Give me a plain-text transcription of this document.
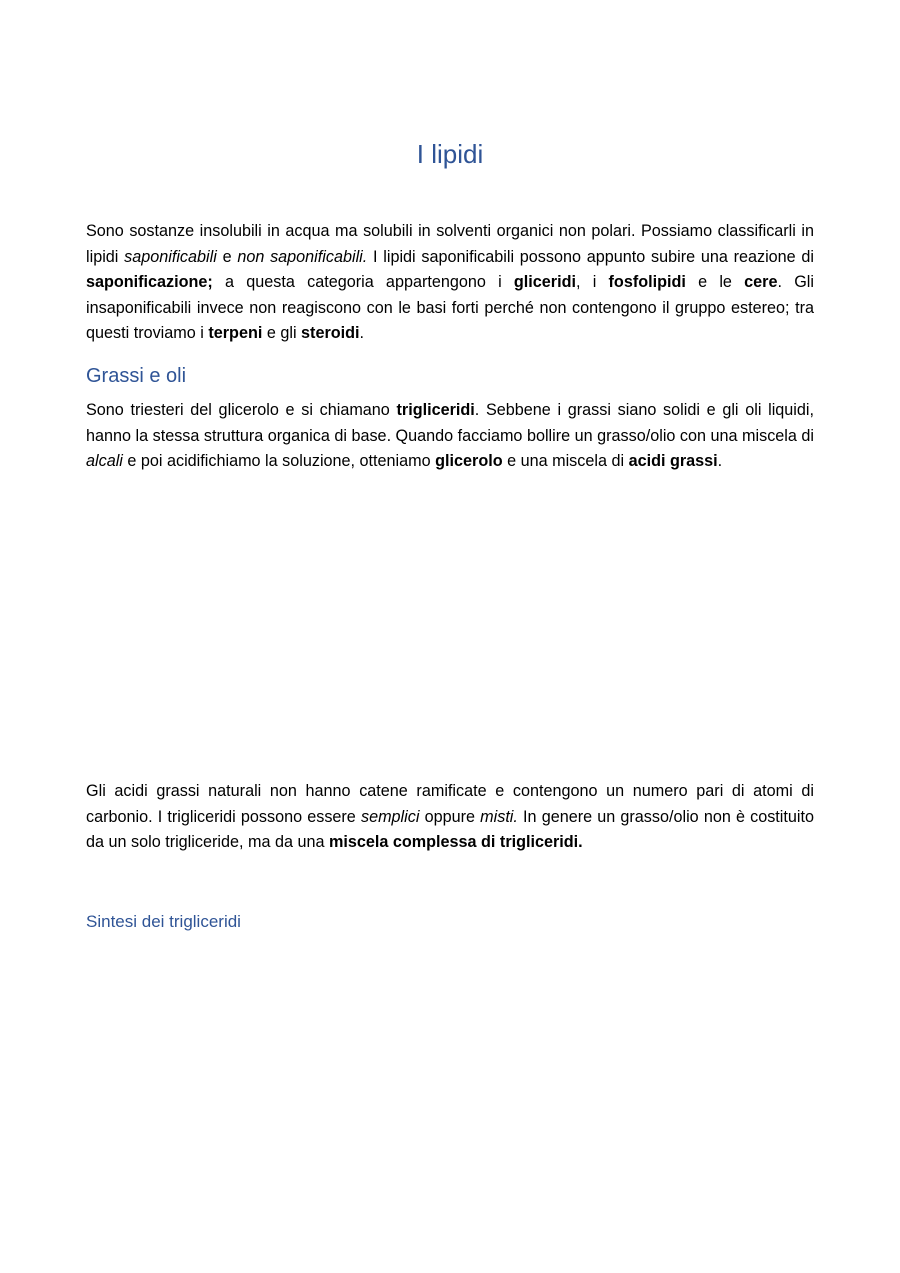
I lipidi

Sono sostanze insolubili in acqua ma solubili in solventi organici non polari. Possiamo classificarli in lipidi saponificabili e non saponificabili. I lipidi saponificabili possono appunto subire una reazione di saponificazione; a questa categoria appartengono i gliceridi, i fosfolipidi e le cere. Gli insaponificabili invece non reagiscono con le basi forti perché non contengono il gruppo estereo; tra questi troviamo i terpeni e gli steroidi.

Grassi e oli

Sono triesteri del glicerolo e si chiamano trigliceridi. Sebbene i grassi siano solidi e gli oli liquidi, hanno la stessa struttura organica di base. Quando facciamo bollire un grasso/olio con una miscela di alcali e poi acidifichiamo la soluzione, otteniamo glicerolo e una miscela di acidi grassi.

Gli acidi grassi naturali non hanno catene ramificate e contengono un numero pari di atomi di carbonio. I trigliceridi possono essere semplici oppure misti. In genere un grasso/olio non è costituito da un solo trigliceride, ma da una miscela complessa di trigliceridi.

Sintesi dei trigliceridi
